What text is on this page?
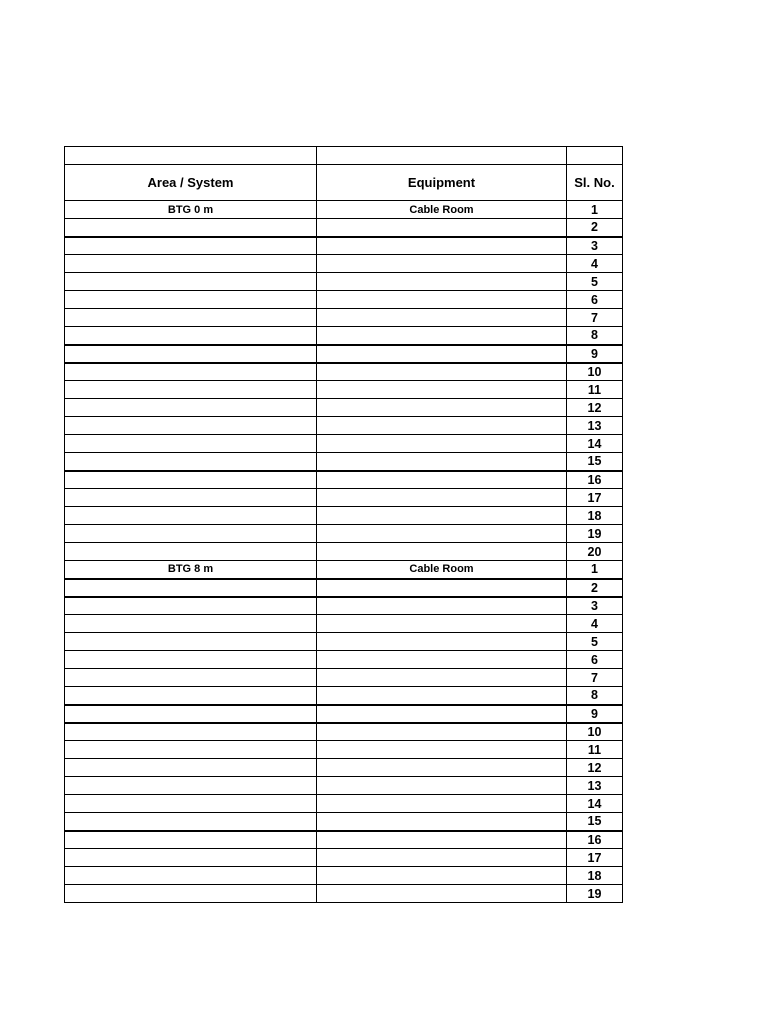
Area / System	Equipment	Sl. No.
BTG 0 m	Cable Room	1
		2
		3
		4
		5
		6
		7
		8
		9
		10
		11
		12
		13
		14
		15
		16
		17
		18
		19
		20
BTG 8 m	Cable Room	1
		2
		3
		4
		5
		6
		7
		8
		9
		10
		11
		12
		13
		14
		15
		16
		17
		18
		19
